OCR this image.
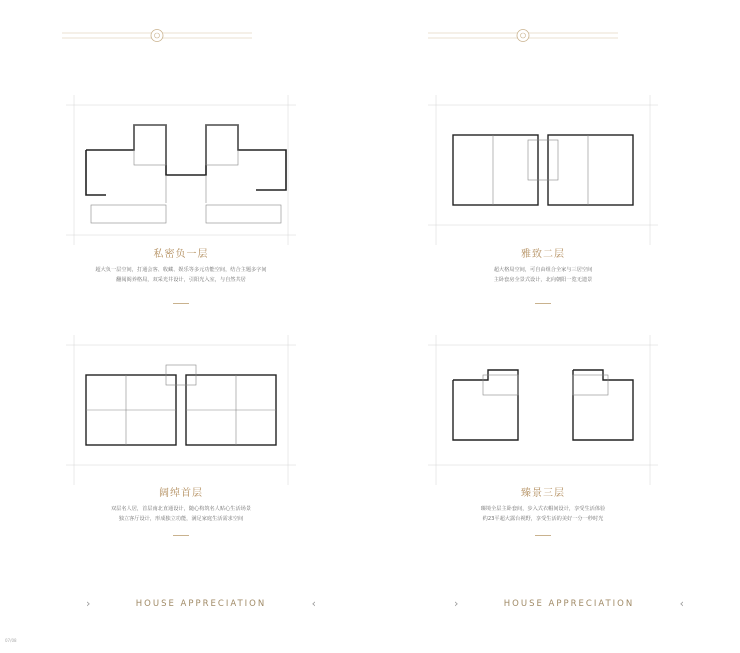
私密负一层
超大负一层空间，打通会客、收藏、娱乐等多元功能空间，结合主题多字间
翻阅阁养格局，双采光井设计，引阳光入室，与自然共居
阔绰首层
双层名人居，首层南北直通设计，随心构筑名人贴心生活场景
独立客厅设计，形成独立功能，满足家庭生活需求空间
›	HOUSE APPRECIATION	‹
07/08
雅致二层
超大格局空间，可自由组合全家与三居空间
主卧套房全景式设计，北向朝阳一览无遗景
臻景三层
臻境全层主卧套间，步入式衣帽间设计，享受生活体验
约23平超大露台视野，享受生活的美好一分一秒时光
›	HOUSE APPRECIATION	‹
